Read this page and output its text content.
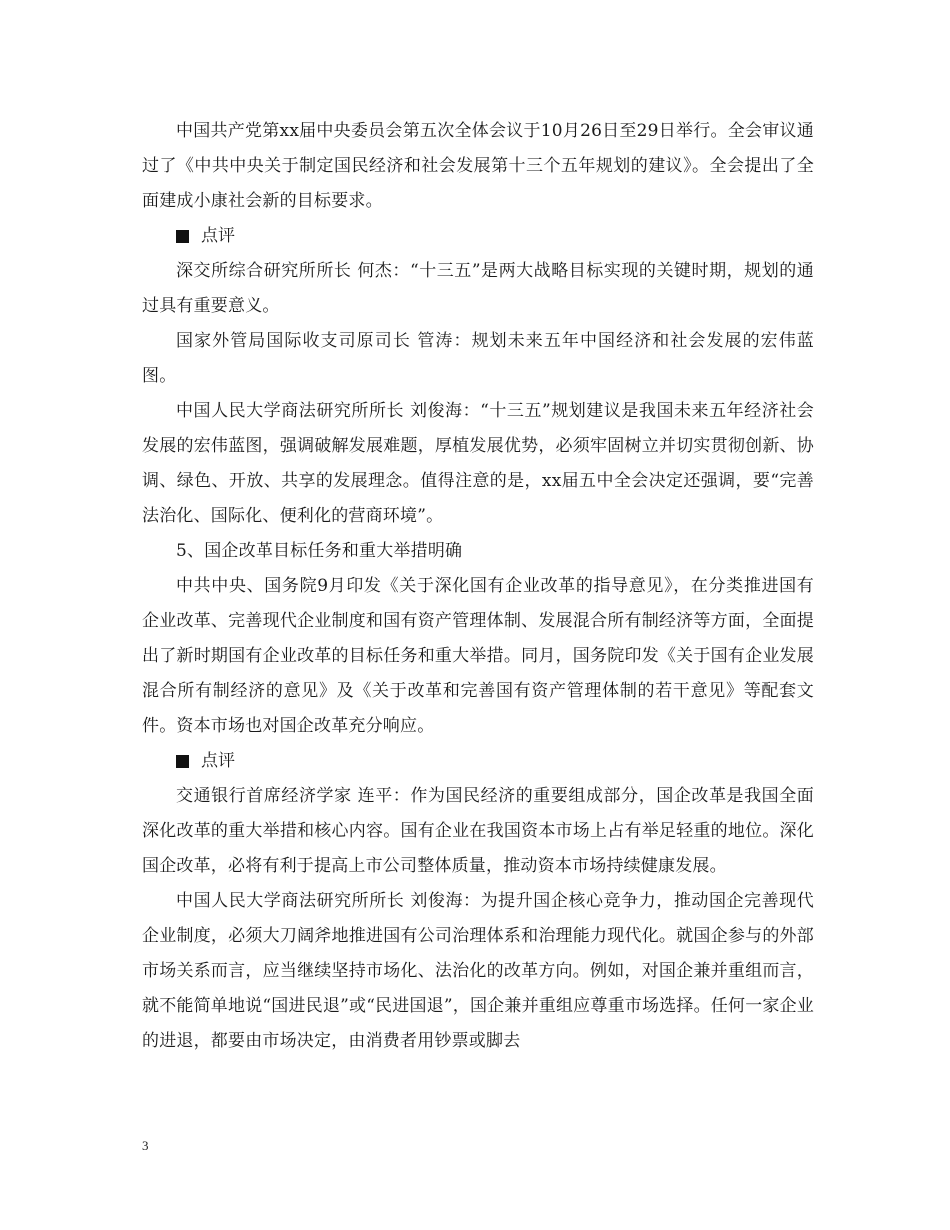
中国共产党第xx届中央委员会第五次全体会议于10月26日至29日举行。全会审议通过了《中共中央关于制定国民经济和社会发展第十三个五年规划的建议》。全会提出了全面建成小康社会新的目标要求。

点评

深交所综合研究所所长 何杰：“十三五”是两大战略目标实现的关键时期，规划的通过具有重要意义。

国家外管局国际收支司原司长 管涛：规划未来五年中国经济和社会发展的宏伟蓝图。

中国人民大学商法研究所所长 刘俊海：“十三五”规划建议是我国未来五年经济社会发展的宏伟蓝图，强调破解发展难题，厚植发展优势，必须牢固树立并切实贯彻创新、协调、绿色、开放、共享的发展理念。值得注意的是，xx届五中全会决定还强调，要“完善法治化、国际化、便利化的营商环境”。

5、国企改革目标任务和重大举措明确

中共中央、国务院9月印发《关于深化国有企业改革的指导意见》，在分类推进国有企业改革、完善现代企业制度和国有资产管理体制、发展混合所有制经济等方面，全面提出了新时期国有企业改革的目标任务和重大举措。同月，国务院印发《关于国有企业发展混合所有制经济的意见》及《关于改革和完善国有资产管理体制的若干意见》等配套文件。资本市场也对国企改革充分响应。

点评

交通银行首席经济学家 连平：作为国民经济的重要组成部分，国企改革是我国全面深化改革的重大举措和核心内容。国有企业在我国资本市场上占有举足轻重的地位。深化国企改革，必将有利于提高上市公司整体质量，推动资本市场持续健康发展。

中国人民大学商法研究所所长 刘俊海：为提升国企核心竞争力，推动国企完善现代企业制度，必须大刀阔斧地推进国有公司治理体系和治理能力现代化。就国企参与的外部市场关系而言，应当继续坚持市场化、法治化的改革方向。例如，对国企兼并重组而言，就不能简单地说“国进民退”或“民进国退”，国企兼并重组应尊重市场选择。任何一家企业的进退，都要由市场决定，由消费者用钞票或脚去

3
